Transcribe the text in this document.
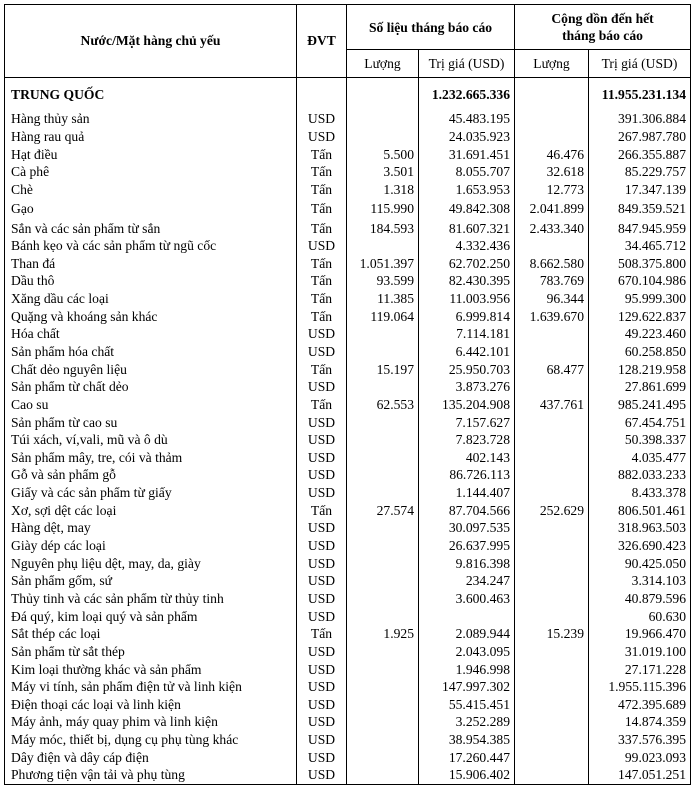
Nước/Mặt hàng chủ yếu	ĐVT	Số liệu tháng báo cáo		Cộng dồn đến hết
tháng báo cáo	
		Lượng	Trị giá (USD)	Lượng	Trị giá (USD)
TRUNG QUỐC			1.232.665.336		11.955.231.134
Hàng thủy sản	USD		45.483.195		391.306.884
Hàng rau quả	USD		24.035.923		267.987.780
Hạt điều	Tấn	5.500	31.691.451	46.476	266.355.887
Cà phê	Tấn	3.501	8.055.707	32.618	85.229.757
Chè	Tấn	1.318	1.653.953	12.773	17.347.139
Gạo	Tấn	115.990	49.842.308	2.041.899	849.359.521
Sắn và các sản phẩm từ sắn	Tấn	184.593	81.607.321	2.433.340	847.945.959
Bánh kẹo và các sản phẩm từ ngũ cốc	USD		4.332.436		34.465.712
Than đá	Tấn	1.051.397	62.702.250	8.662.580	508.375.800
Dầu thô	Tấn	93.599	82.430.395	783.769	670.104.986
Xăng dầu các loại	Tấn	11.385	11.003.956	96.344	95.999.300
Quặng và khoáng sản khác	Tấn	119.064	6.999.814	1.639.670	129.622.837
Hóa chất	USD		7.114.181		49.223.460
Sản phẩm hóa chất	USD		6.442.101		60.258.850
Chất dẻo nguyên liệu	Tấn	15.197	25.950.703	68.477	128.219.958
Sản phẩm từ chất dẻo	USD		3.873.276		27.861.699
Cao su	Tấn	62.553	135.204.908	437.761	985.241.495
Sản phẩm từ cao su	USD		7.157.627		67.454.751
Túi xách, ví,vali, mũ và ô dù	USD		7.823.728		50.398.337
Sản phẩm mây, tre, cói và thảm	USD		402.143		4.035.477
Gỗ và sản phẩm gỗ	USD		86.726.113		882.033.233
Giấy và các sản phẩm từ giấy	USD		1.144.407		8.433.378
Xơ, sợi dệt các loại	Tấn	27.574	87.704.566	252.629	806.501.461
Hàng dệt, may	USD		30.097.535		318.963.503
Giày dép các loại	USD		26.637.995		326.690.423
Nguyên phụ liệu dệt, may, da, giày	USD		9.816.398		90.425.050
Sản phẩm gốm, sứ	USD		234.247		3.314.103
Thủy tinh và các sản phẩm từ thủy tinh	USD		3.600.463		40.879.596
Đá quý, kim loại quý và sản phẩm	USD				60.630
Sắt thép các loại	Tấn	1.925	2.089.944	15.239	19.966.470
Sản phẩm từ sắt thép	USD		2.043.095		31.019.100
Kim loại thường khác và sản phẩm	USD		1.946.998		27.171.228
Máy vi tính, sản phẩm điện tử và linh kiện	USD		147.997.302		1.955.115.396
Điện thoại các loại và linh kiện	USD		55.415.451		472.395.689
Máy ảnh, máy quay phim và linh kiện	USD		3.252.289		14.874.359
Máy móc, thiết bị, dụng cụ phụ tùng khác	USD		38.954.385		337.576.395
Dây điện và dây cáp điện	USD		17.260.447		99.023.093
Phương tiện vận tải và phụ tùng	USD		15.906.402		147.051.251
